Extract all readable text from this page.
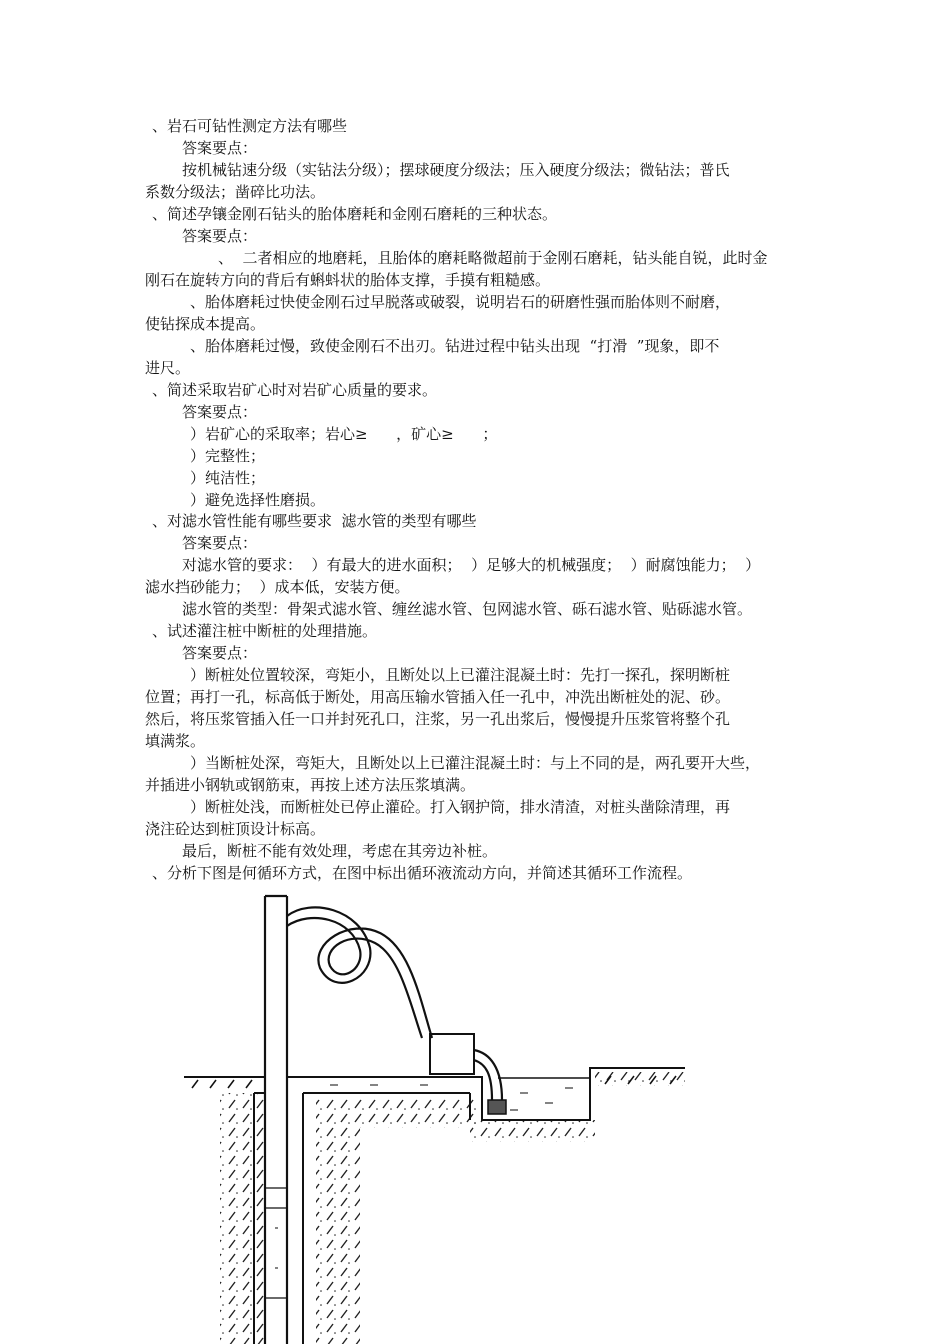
、岩石可钻性测定方法有哪些
答案要点：
按机械钻速分级（实钻法分级）；摆球硬度分级法；压入硬度分级法；微钻法；普氏
系数分级法；凿碎比功法。
、简述孕镶金刚石钻头的胎体磨耗和金刚石磨耗的三种状态。
答案要点：
、  二者相应的地磨耗，且胎体的磨耗略微超前于金刚石磨耗，钻头能自锐，此时金
刚石在旋转方向的背后有蝌蚪状的胎体支撑，手摸有粗糙感。
、胎体磨耗过快使金刚石过早脱落或破裂，说明岩石的研磨性强而胎体则不耐磨，
使钻探成本提高。
、胎体磨耗过慢，致使金刚石不出刃。钻进过程中钻头出现  “打滑  ”现象，即不
进尺。
、简述采取岩矿心时对岩矿心质量的要求。
答案要点：
）岩矿心的采取率；岩心≥      ，矿心≥      ；
）完整性；
）纯洁性；
）避免选择性磨损。
、对滤水管性能有哪些要求  滤水管的类型有哪些
答案要点：
对滤水管的要求：  ）有最大的进水面积；  ）足够大的机械强度；  ）耐腐蚀能力；  ）
滤水挡砂能力；  ）成本低，安装方便。
滤水管的类型：骨架式滤水管、缠丝滤水管、包网滤水管、砾石滤水管、贴砾滤水管。
、试述灌注桩中断桩的处理措施。
答案要点：
）断桩处位置较深，弯矩小，且断处以上已灌注混凝土时：先打一探孔，探明断桩
位置；再打一孔，标高低于断处，用高压输水管插入任一孔中，冲洗出断桩处的泥、砂。
然后，将压浆管插入任一口并封死孔口，注浆，另一孔出浆后，慢慢提升压浆管将整个孔
填满浆。
）当断桩处深，弯矩大，且断处以上已灌注混凝土时：与上不同的是，两孔要开大些，
并插进小钢轨或钢筋束，再按上述方法压浆填满。
）断桩处浅，而断桩处已停止灌砼。打入钢护筒，排水清渣，对桩头凿除清理，再
浇注砼达到桩顶设计标高。
最后，断桩不能有效处理，考虑在其旁边补桩。
、分析下图是何循环方式，在图中标出循环液流动方向，并简述其循环工作流程。
